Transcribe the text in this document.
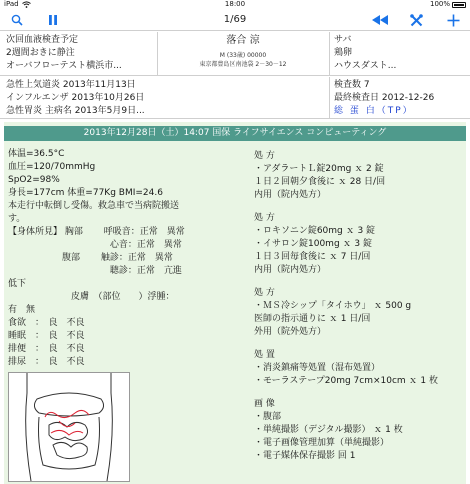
iPad	18:00	100%
1/69
次回血液検査予定
2週間おきに静注
オーバフローテスト横浜市...
落合 涼
M (33歳) 00000
東京都豊島区南池袋 2－30－12
サバ
鶏卵
ハウスダスト...
急性上気道炎 2013年11月13日
インフルエンザ 2013年10月26日
急性胃炎 主病名 2013年5月9日...
検査数 7
最終検査日 2012-12-26
総 蛋 白（TP）
2013年12月28日（土）14:07 国保 ライフサイエンス コンピューティング
体温=36.5°C
血圧=120/70mmHg
SpO2=98%
身長=177cm 体重=77Kg BMI=24.6
本走行中転倒し受傷。救急車で当病院搬送
す。
【身体所見】 胸部　　 呼吸音：正常　異常
　　　　　　　　　　　 心音：正常　異常
　　　　　　腹部　　 触診：正常　異常
　　　　　　　　　　　 聴診：正常　亢進
低下
　　　　　　　皮膚　（部位　　）浮腫：
有　無
食欲　：　良　不良
睡眠　：　良　不良
排便　：　良　不良
排尿　：　良　不良
処 方
・アダラートＬ錠20mg ｘ 2 錠
１日２回朝夕食後に ｘ 28 日/回
内用（院内処方）
処 方
・ロキソニン錠60mg ｘ 3 錠
・イサロン錠100mg ｘ 3 錠
１日３回毎食後に ｘ 7 日/回
内用（院内処方）
処 方
・ＭＳ冷シップ「タイホウ」 ｘ 500 g
医師の指示通りに ｘ 1 日/回
外用（院外処方）
処 置
・消炎鎮痛等処置（湿布処置）
・モーラステープ20mg 7cm×10cm ｘ 1 枚
画 像
・腹部
・単純撮影（デジタル撮影） ｘ 1 枚
・電子画像管理加算（単純撮影）
・電子媒体保存撮影 回 1
